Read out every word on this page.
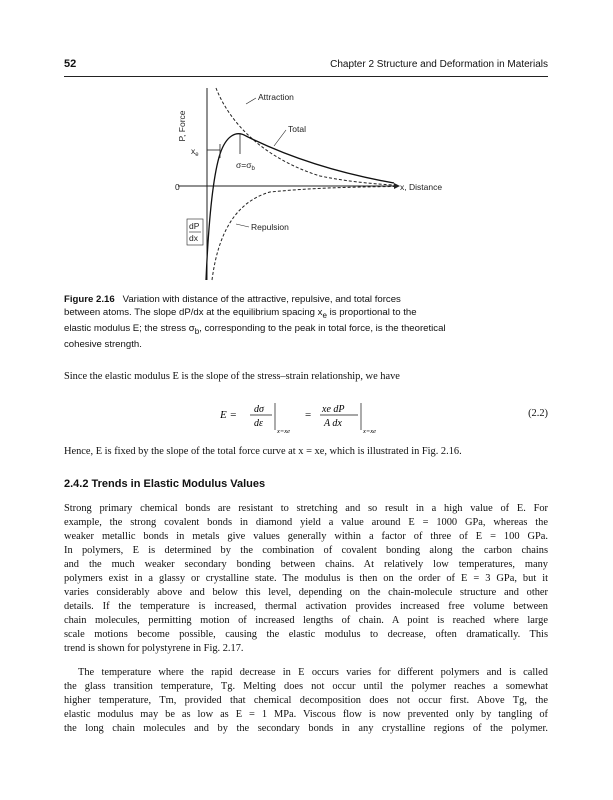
52	Chapter 2 Structure and Deformation in Materials
0	x, Distance
P, Force
$x_e$
$\sigma=\sigma_b$
Attraction
Total
Repulsion
dP
dx
Figure 2.16 Variation with distance of the attractive, repulsive, and total forces
between atoms. The slope dP/dx at the equilibrium spacing $x_e$ is proportional to the
elastic modulus E; the stress $\sigma_b$, corresponding to the peak in total force, is the theoretical
cohesive strength.
Since the elastic modulus E is the slope of the stress–strain relationship, we have
E = dσ
dε
x=xe
= xe dP
A dx
x=xe
(2.2)
Hence, E is fixed by the slope of the total force curve at x = xe, which is illustrated in Fig. 2.16.
2.4.2 Trends in Elastic Modulus Values
Strong primary chemical bonds are resistant to stretching and so result in a high value of E. For
example, the strong covalent bonds in diamond yield a value around E = 1000 GPa, whereas the
weaker metallic bonds in metals give values generally within a factor of three of E = 100 GPa.
In polymers, E is determined by the combination of covalent bonding along the carbon chains
and the much weaker secondary bonding between chains. At relatively low temperatures, many
polymers exist in a glassy or crystalline state. The modulus is then on the order of E = 3 GPa, but it
varies considerably above and below this level, depending on the chain-molecule structure and other
details. If the temperature is increased, thermal activation provides increased free volume between
chain molecules, permitting motion of increased lengths of chain. A point is reached where large
scale motions become possible, causing the elastic modulus to decrease, often dramatically. This
trend is shown for polystyrene in Fig. 2.17.
The temperature where the rapid decrease in E occurs varies for different polymers and is called
the glass transition temperature, Tg. Melting does not occur until the polymer reaches a somewhat
higher temperature, Tm, provided that chemical decomposition does not occur first. Above Tg, the
elastic modulus may be as low as E = 1 MPa. Viscous flow is now prevented only by tangling of
the long chain molecules and by the secondary bonds in any crystalline regions of the polymer.
